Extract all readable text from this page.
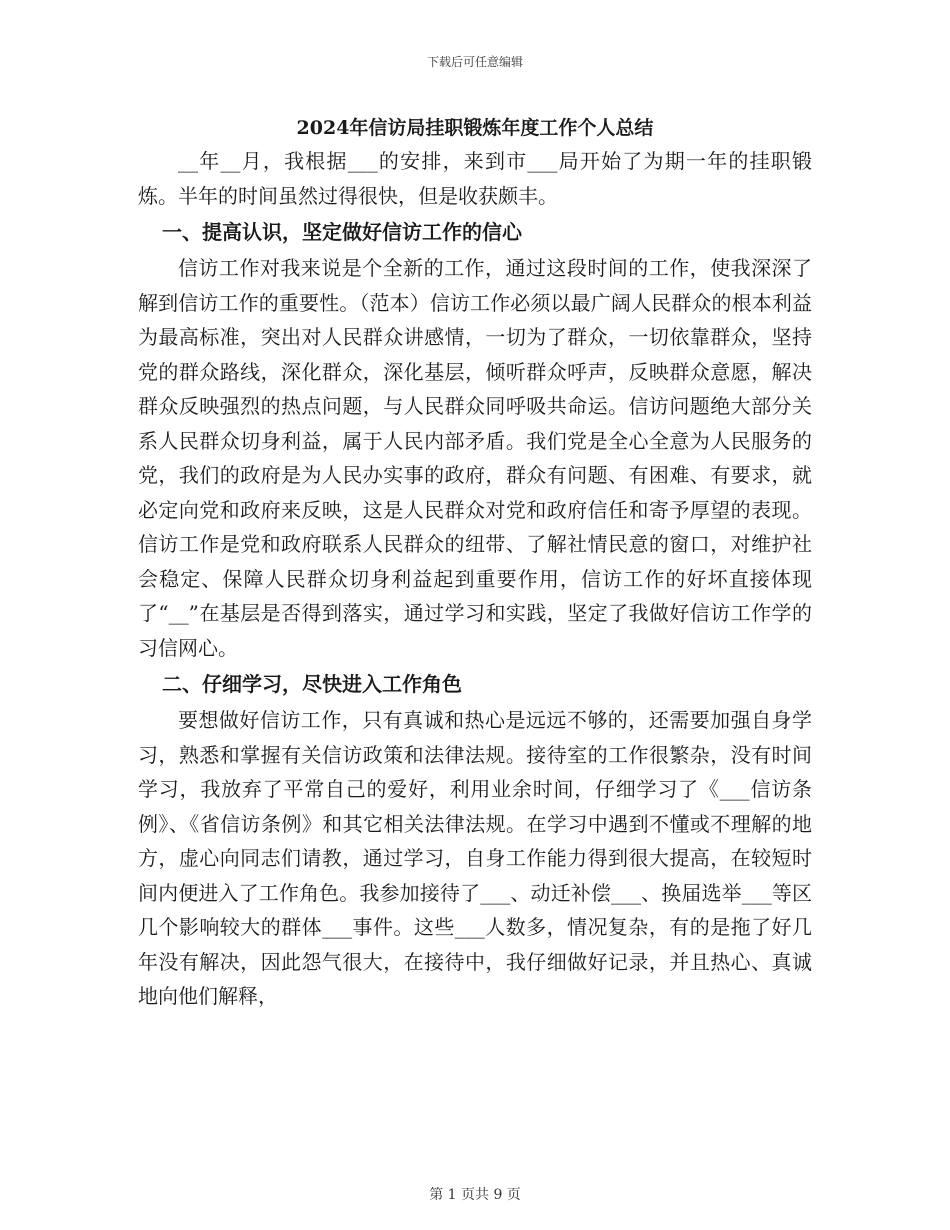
下载后可任意编辑

2024年信访局挂职锻炼年度工作个人总结

__年__月，我根据___的安排，来到市___局开始了为期一年的挂职锻炼。半年的时间虽然过得很快，但是收获颇丰。

一、提高认识，坚定做好信访工作的信心

信访工作对我来说是个全新的工作，通过这段时间的工作，使我深深了解到信访工作的重要性。（范本）信访工作必须以最广阔人民群众的根本利益为最高标准，突出对人民群众讲感情，一切为了群众，一切依靠群众，坚持党的群众路线，深化群众，深化基层，倾听群众呼声，反映群众意愿，解决群众反映强烈的热点问题，与人民群众同呼吸共命运。信访问题绝大部分关系人民群众切身利益，属于人民内部矛盾。我们党是全心全意为人民服务的党，我们的政府是为人民办实事的政府，群众有问题、有困难、有要求，就必定向党和政府来反映，这是人民群众对党和政府信任和寄予厚望的表现。信访工作是党和政府联系人民群众的纽带、了解社情民意的窗口，对维护社会稳定、保障人民群众切身利益起到重要作用，信访工作的好坏直接体现了“__”在基层是否得到落实，通过学习和实践，坚定了我做好信访工作学的习信网心。

二、仔细学习，尽快进入工作角色

要想做好信访工作，只有真诚和热心是远远不够的，还需要加强自身学习，熟悉和掌握有关信访政策和法律法规。接待室的工作很繁杂，没有时间学习，我放弃了平常自己的爱好，利用业余时间，仔细学习了《___信访条例》、《省信访条例》和其它相关法律法规。在学习中遇到不懂或不理解的地方，虚心向同志们请教，通过学习，自身工作能力得到很大提高，在较短时间内便进入了工作角色。我参加接待了___、动迁补偿___、换届选举___等区几个影响较大的群体___事件。这些___人数多，情况复杂，有的是拖了好几年没有解决，因此怨气很大，在接待中，我仔细做好记录，并且热心、真诚地向他们解释，

第 1 页共 9 页
